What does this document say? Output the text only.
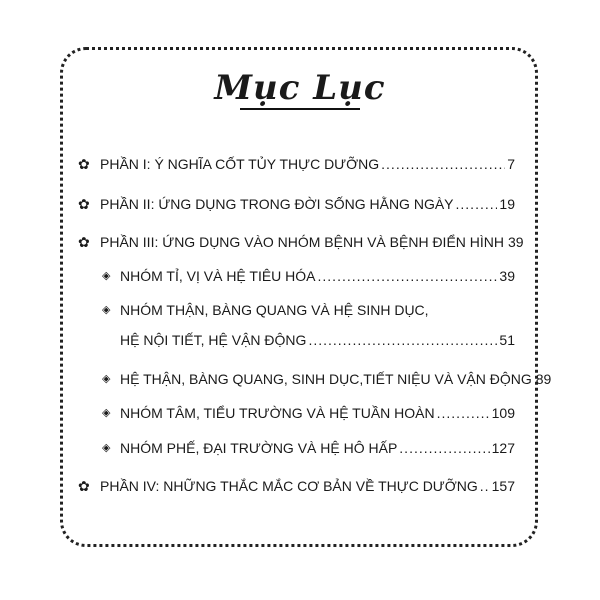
Mục Lục
✿ PHẦN I: Ý NGHĨA CỐT TỦY THỰC DƯỠNG .....	7
✿ PHẦN II: ỨNG DỤNG TRONG ĐỜI SỐNG HẰNG NGÀY .....	19
✿ PHẦN III: ỨNG DỤNG VÀO NHÓM BỆNH VÀ BỆNH ĐIỂN HÌNH 39
◈ NHÓM TỈ, VỊ VÀ HỆ TIÊU HÓA .....	39
◈ NHÓM THẬN, BÀNG QUANG VÀ HỆ SINH DỤC,
HỆ NỘI TIẾT, HỆ VẬN ĐỘNG .....	51
◈ HỆ THẬN, BÀNG QUANG, SINH DỤC,TIẾT NIỆU VÀ VẬN ĐỘNG 89
◈ NHÓM TÂM, TIỂU TRƯỜNG VÀ HỆ TUẦN HOÀN .....	109
◈ NHÓM PHẾ, ĐẠI TRƯỜNG VÀ HỆ HÔ HẤP .....	127
✿ PHẦN IV: NHỮNG THẮC MẮC CƠ BẢN VỀ THỰC DƯỠNG ..... 157
